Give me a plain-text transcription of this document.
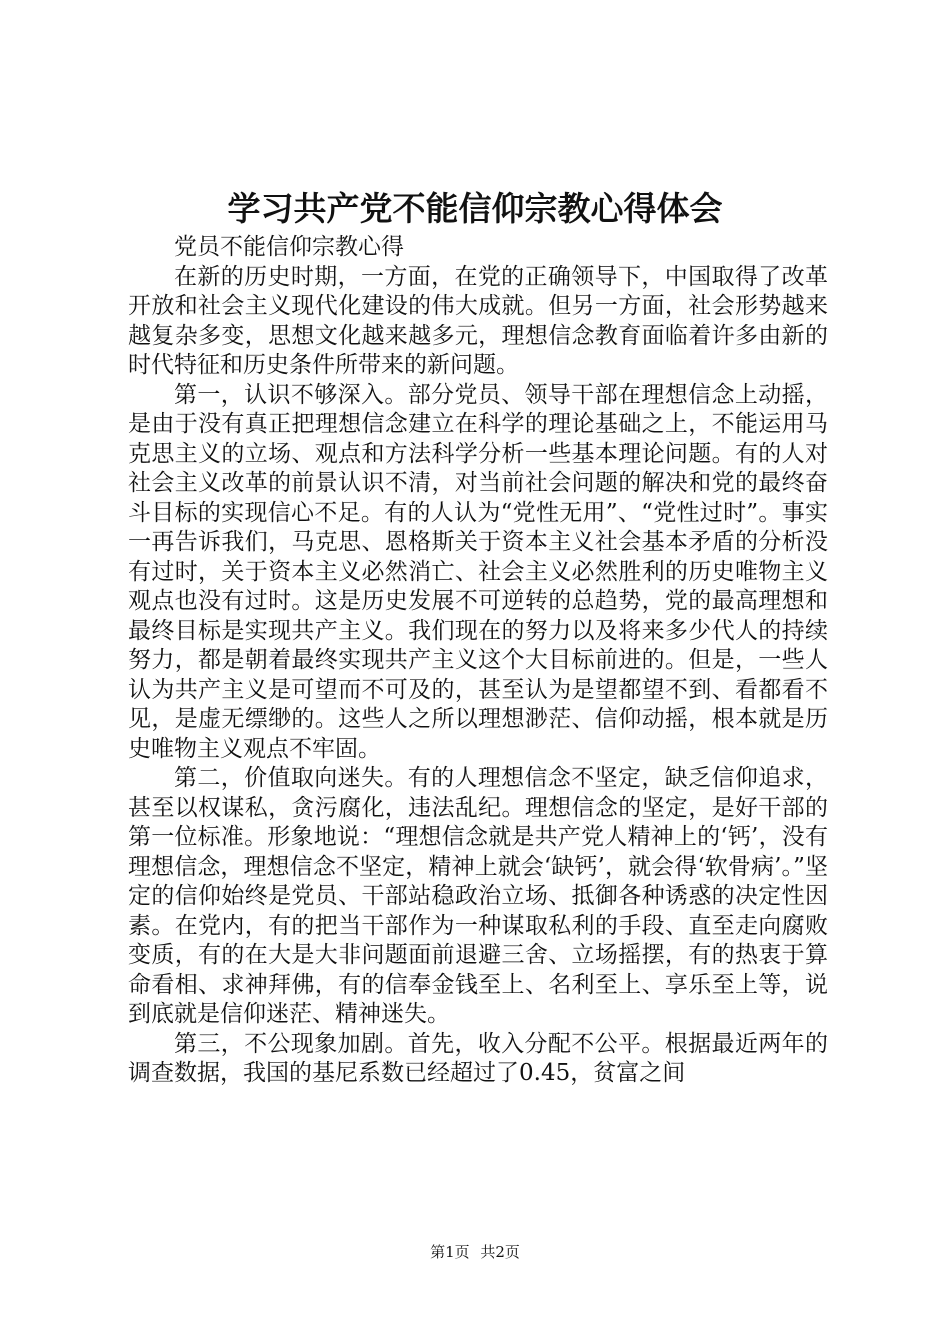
学习共产党不能信仰宗教心得体会

党员不能信仰宗教心得

在新的历史时期，一方面，在党的正确领导下，中国取得了改革开放和社会主义现代化建设的伟大成就。但另一方面，社会形势越来越复杂多变，思想文化越来越多元，理想信念教育面临着许多由新的时代特征和历史条件所带来的新问题。

第一，认识不够深入。部分党员、领导干部在理想信念上动摇，是由于没有真正把理想信念建立在科学的理论基础之上，不能运用马克思主义的立场、观点和方法科学分析一些基本理论问题。有的人对社会主义改革的前景认识不清，对当前社会问题的解决和党的最终奋斗目标的实现信心不足。有的人认为“党性无用”、“党性过时”。事实一再告诉我们，马克思、恩格斯关于资本主义社会基本矛盾的分析没有过时，关于资本主义必然消亡、社会主义必然胜利的历史唯物主义观点也没有过时。这是历史发展不可逆转的总趋势，党的最高理想和最终目标是实现共产主义。我们现在的努力以及将来多少代人的持续努力，都是朝着最终实现共产主义这个大目标前进的。但是，一些人认为共产主义是可望而不可及的，甚至认为是望都望不到、看都看不见，是虚无缥缈的。这些人之所以理想渺茫、信仰动摇，根本就是历史唯物主义观点不牢固。

第二，价值取向迷失。有的人理想信念不坚定，缺乏信仰追求，甚至以权谋私，贪污腐化，违法乱纪。理想信念的坚定，是好干部的第一位标准。形象地说：“理想信念就是共产党人精神上的‘钙’，没有理想信念，理想信念不坚定，精神上就会‘缺钙’，就会得‘软骨病’。”坚定的信仰始终是党员、干部站稳政治立场、抵御各种诱惑的决定性因素。在党内，有的把当干部作为一种谋取私利的手段、直至走向腐败变质，有的在大是大非问题面前退避三舍、立场摇摆，有的热衷于算命看相、求神拜佛，有的信奉金钱至上、名利至上、享乐至上等，说到底就是信仰迷茫、精神迷失。

第三，不公现象加剧。首先，收入分配不公平。根据最近两年的调查数据，我国的基尼系数已经超过了0.45，贫富之间

第1页 共2页
